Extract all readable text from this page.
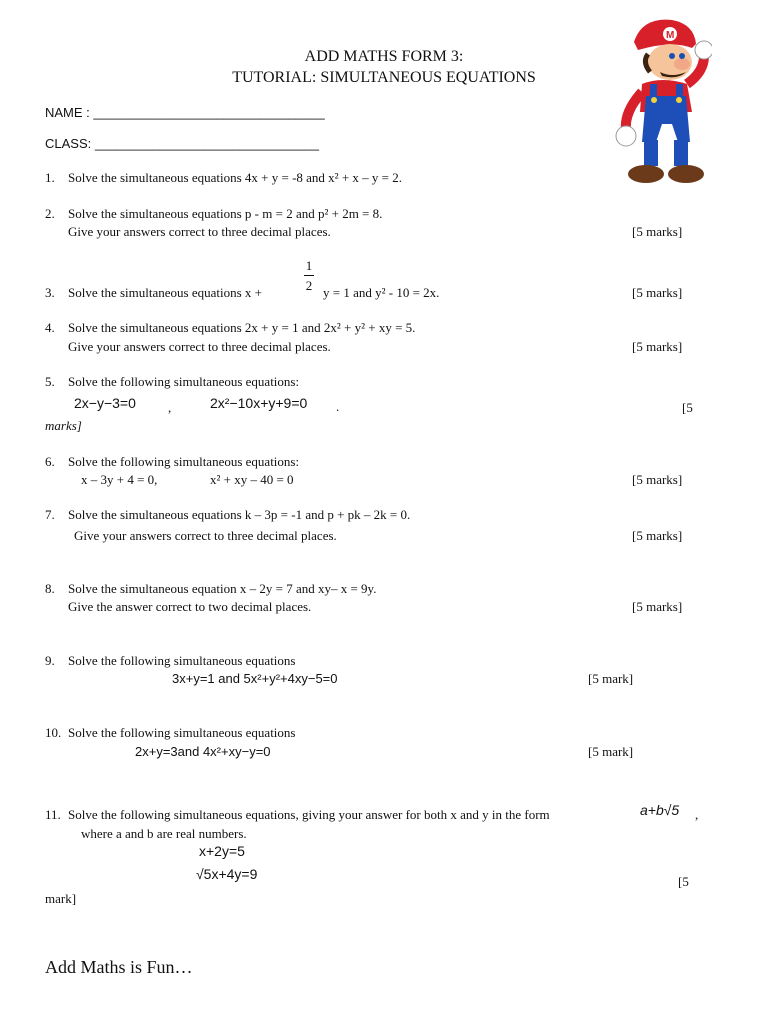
ADD MATHS FORM 3:
TUTORIAL: SIMULTANEOUS EQUATIONS
NAME : ________________________________
CLASS: _______________________________
M
1. Solve the simultaneous equations 4x + y = -8 and x² + x – y = 2.
2. Solve the simultaneous equations p - m = 2 and p² + 2m = 8.
Give your answers correct to three decimal places.	[5 marks]
3. Solve the simultaneous equations x +
1
2 y = 1 and y² - 10 = 2x.	[5 marks]
4. Solve the simultaneous equations 2x + y = 1 and 2x² + y² + xy = 5.
Give your answers correct to three decimal places.	[5 marks]
5. Solve the following simultaneous equations:
2x−y−3=0 ,	2x²−10x+y+9=0 .	[5
marks]
6. Solve the following simultaneous equations:
x – 3y + 4 = 0,	x² + xy – 40 = 0	[5 marks]
7. Solve the simultaneous equations k – 3p = -1 and p + pk – 2k = 0.
Give your answers correct to three decimal places.	[5 marks]
8. Solve the simultaneous equation x – 2y = 7 and xy– x = 9y.
Give the answer correct to two decimal places.	[5 marks]
9. Solve the following simultaneous equations
3x+y=1 and 5x²+y²+4xy−5=0	[5 mark]
10. Solve the following simultaneous equations
2x+y=3and 4x²+xy−y=0	[5 mark]
11. Solve the following simultaneous equations, giving your answer for both x and y in the form	a+b√5 ,
where a and b are real numbers.
x+2y=5
√5x+4y=9	[5
mark]
Add Maths is Fun…
